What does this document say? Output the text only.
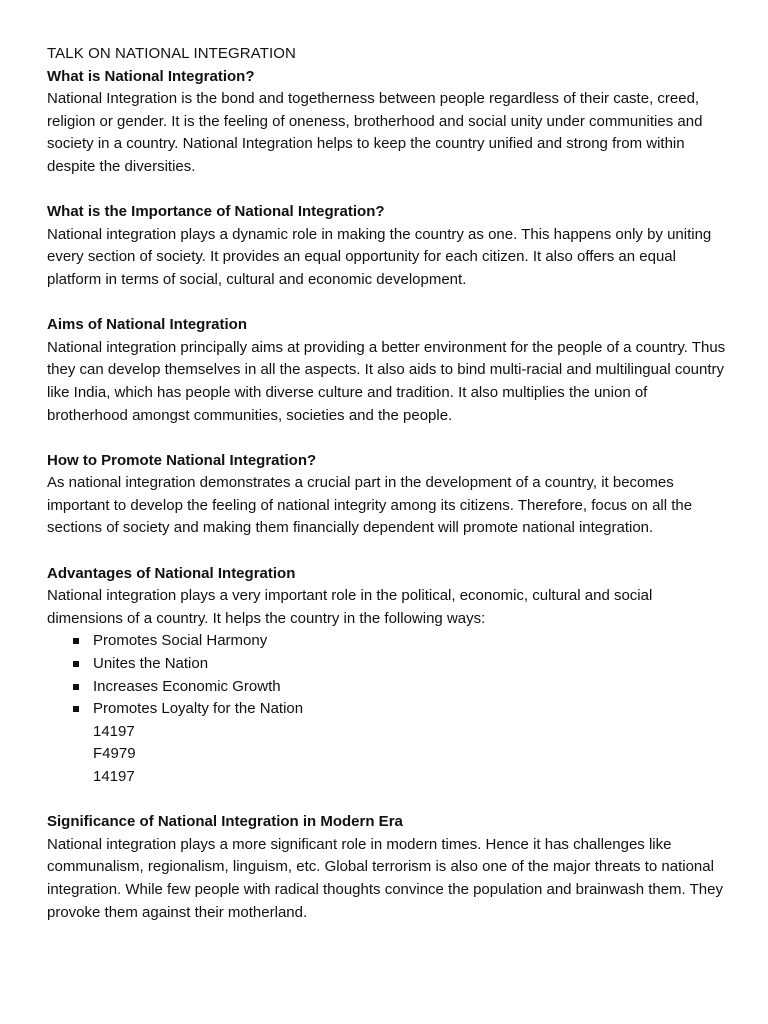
TALK ON NATIONAL INTEGRATION
What is National Integration?

National Integration is the bond and togetherness between people regardless of their caste, creed, religion or gender. It is the feeling of oneness, brotherhood and social unity under communities and society in a country. National Integration helps to keep the country unified and strong from within despite the diversities.

What is the Importance of National Integration?

National integration plays a dynamic role in making the country as one. This happens only by uniting every section of society. It provides an equal opportunity for each citizen. It also offers an equal platform in terms of social, cultural and economic development.

Aims of National Integration

National integration principally aims at providing a better environment for the people of a country. Thus they can develop themselves in all the aspects. It also aids to bind multi-racial and multilingual country like India, which has people with diverse culture and tradition. It also multiplies the union of brotherhood amongst communities, societies and the people.

How to Promote National Integration?

As national integration demonstrates a crucial part in the development of a country, it becomes important to develop the feeling of national integrity among its citizens. Therefore, focus on all the sections of society and making them financially dependent will promote national integration.

Advantages of National Integration

National integration plays a very important role in the political, economic, cultural and social dimensions of a country. It helps the country in the following ways:

Promotes Social Harmony
Unites the Nation
Increases Economic Growth
Promotes Loyalty for the Nation
14197
F4979
14197
Significance of National Integration in Modern Era

National integration plays a more significant role in modern times. Hence it has challenges like communalism, regionalism, linguism, etc. Global terrorism is also one of the major threats to national integration. While few people with radical thoughts convince the population and brainwash them. They provoke them against their motherland.
